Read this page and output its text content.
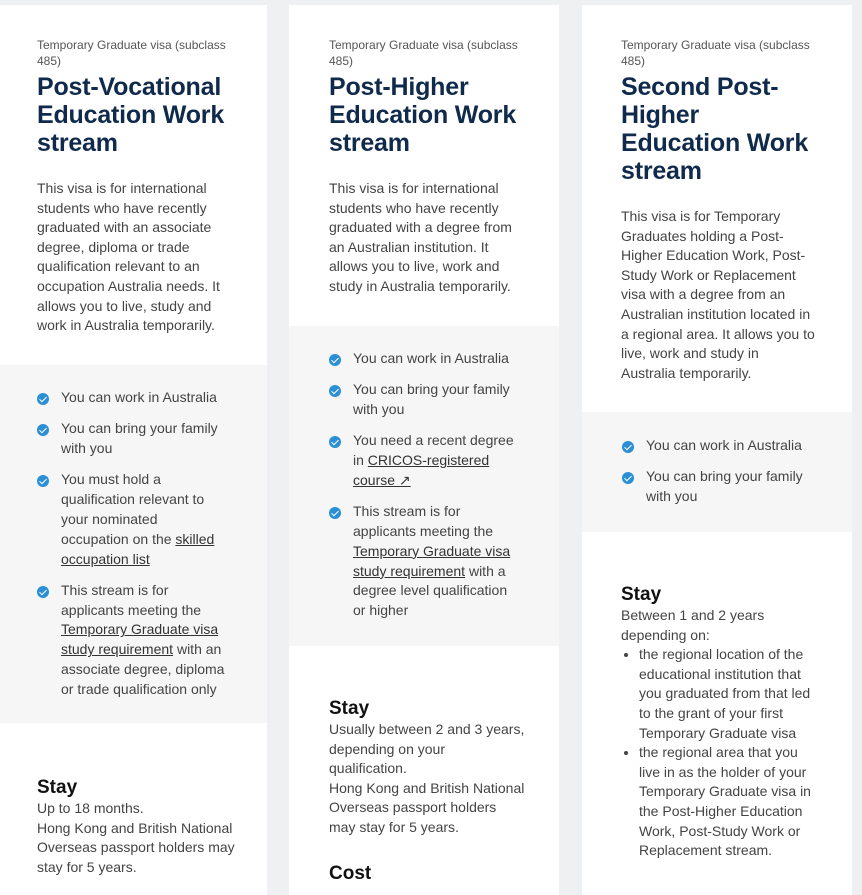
Temporary Graduate visa (subclass 485)

Post-Vocational Education Work stream

This visa is for international students who have recently graduated with an associate degree, diploma or trade qualification relevant to an occupation Australia needs. It allows you to live, study and work in Australia temporarily.

You can work in Australia
You can bring your family with you
You must hold a qualification relevant to your nominated occupation on the skilled occupation list
This stream is for applicants meeting the Temporary Graduate visa study requirement with an associate degree, diploma or trade qualification only
Stay

Up to 18 months.

Hong Kong and British National Overseas passport holders may stay for 5 years.

Temporary Graduate visa (subclass 485)

Post-Higher Education Work stream

This visa is for international students who have recently graduated with a degree from an Australian institution. It allows you to live, work and study in Australia temporarily.

You can work in Australia
You can bring your family with you
You need a recent degree in CRICOS-registered course ↗
This stream is for applicants meeting the Temporary Graduate visa study requirement with a degree level qualification or higher
Stay

Usually between 2 and 3 years, depending on your qualification.

Hong Kong and British National Overseas passport holders may stay for 5 years.

Cost

Temporary Graduate visa (subclass 485)

Second Post-Higher Education Work stream

This visa is for Temporary Graduates holding a Post-Higher Education Work, Post-Study Work or Replacement visa with a degree from an Australian institution located in a regional area. It allows you to live, work and study in Australia temporarily.

You can work in Australia
You can bring your family with you
Stay

Between 1 and 2 years depending on:

• the regional location of the educational institution that you graduated from that led to the grant of your first Temporary Graduate visa
• the regional area that you live in as the holder of your Temporary Graduate visa in the Post-Higher Education Work, Post-Study Work or Replacement stream.
